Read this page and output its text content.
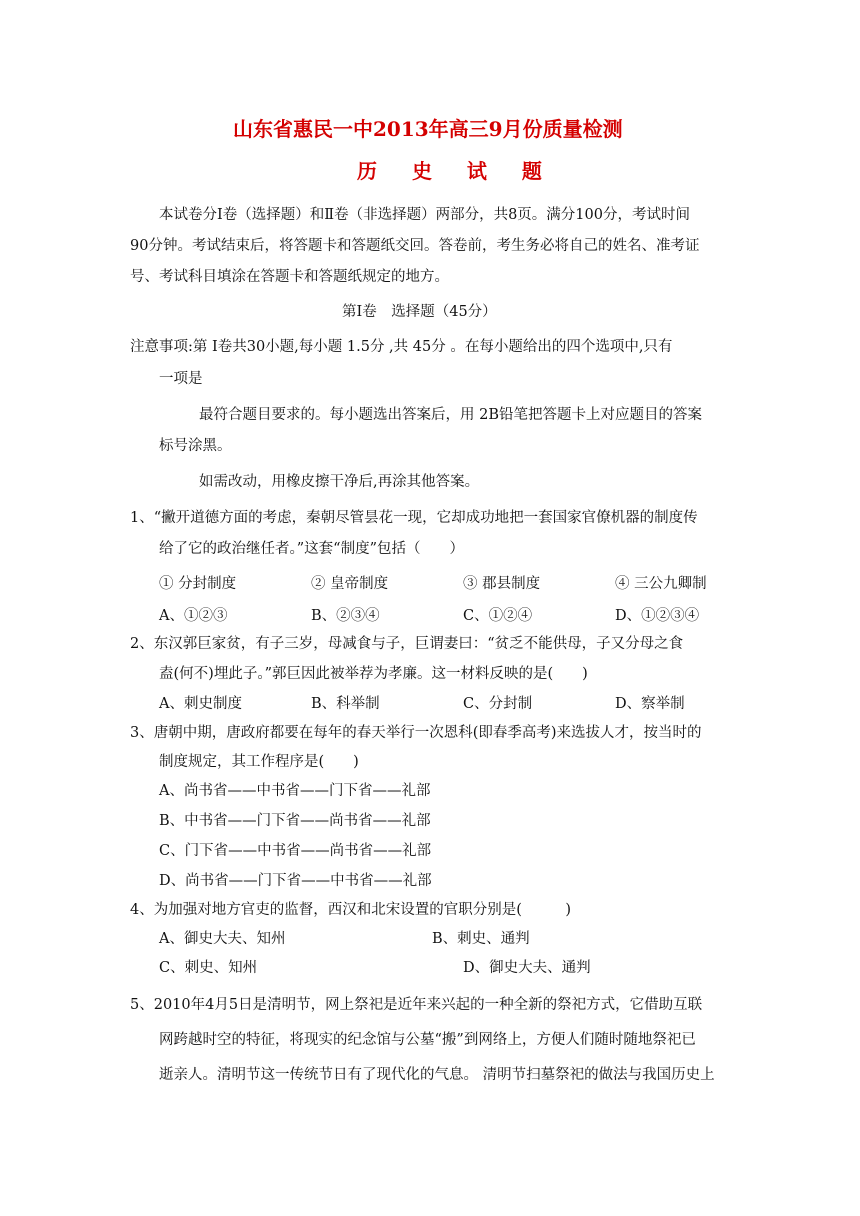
山东省惠民一中2013年高三9月份质量检测
历 史 试 题
本试卷分Ⅰ卷（选择题）和Ⅱ卷（非选择题）两部分，共8页。满分100分，考试时间
90分钟。考试结束后，将答题卡和答题纸交回。答卷前，考生务必将自己的姓名、准考证
号、考试科目填涂在答题卡和答题纸规定的地方。
第Ⅰ卷　选择题（45分）
注意事项:第 Ⅰ卷共30小题,每小题 1.5分 ,共 45分 。在每小题给出的四个选项中,只有
一项是
最符合题目要求的。每小题选出答案后，用 2B铅笔把答题卡上对应题目的答案
标号涂黑。
如需改动，用橡皮擦干净后,再涂其他答案。
1、“撇开道德方面的考虑，秦朝尽管昙花一现，它却成功地把一套国家官僚机器的制度传
给了它的政治继任者。”这套“制度”包括（　　）
① 分封制度	② 皇帝制度	③ 郡县制度	④ 三公九卿制
A、①②③	B、②③④	C、①②④	D、①②③④
2、东汉郭巨家贫，有子三岁，母减食与子，巨谓妻曰：“贫乏不能供母，子又分母之食
盍(何不)埋此子。”郭巨因此被举荐为孝廉。这一材料反映的是(　　)
A、刺史制度	B、科举制	C、分封制	D、察举制
3、唐朝中期，唐政府都要在每年的春天举行一次恩科(即春季高考)来选拔人才，按当时的
制度规定，其工作程序是(　　)
A、尚书省——中书省——门下省——礼部
B、中书省——门下省——尚书省——礼部
C、门下省——中书省——尚书省——礼部
D、尚书省——门下省——中书省——礼部
4、为加强对地方官吏的监督，西汉和北宋设置的官职分别是(　　　)
A、御史大夫、知州	B、刺史、通判
C、刺史、知州	D、御史大夫、通判
5、2010年4月5日是清明节，网上祭祀是近年来兴起的一种全新的祭祀方式，它借助互联
网跨越时空的特征，将现实的纪念馆与公墓“搬”到网络上，方便人们随时随地祭祀已
逝亲人。清明节这一传统节日有了现代化的气息。 清明节扫墓祭祀的做法与我国历史上
